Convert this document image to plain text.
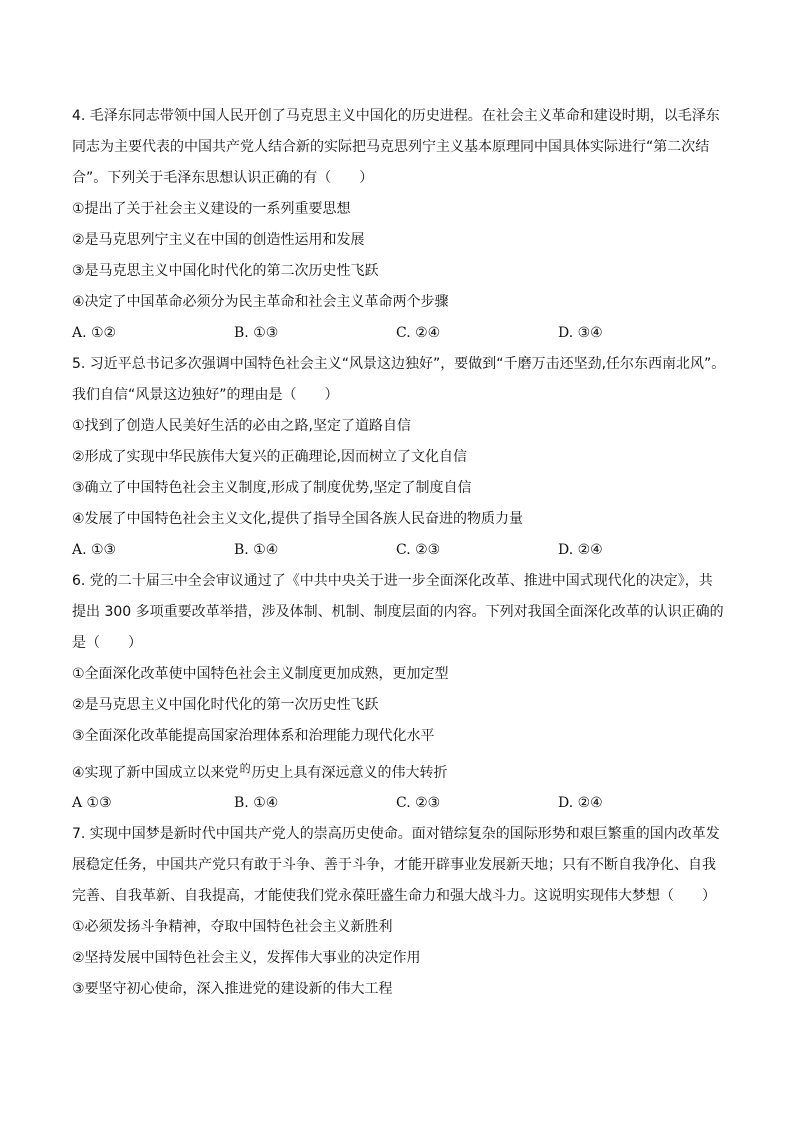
4. 毛泽东同志带领中国人民开创了马克思主义中国化的历史进程。在社会主义革命和建设时期，以毛泽东
同志为主要代表的中国共产党人结合新的实际把马克思列宁主义基本原理同中国具体实际进行“第二次结
合”。下列关于毛泽东思想认识正确的有（　　）
①提出了关于社会主义建设的一系列重要思想
②是马克思列宁主义在中国的创造性运用和发展
③是马克思主义中国化时代化的第二次历史性飞跃
④决定了中国革命必须分为民主革命和社会主义革命两个步骤
A. ①②	B. ①③	C. ②④	D. ③④
5. 习近平总书记多次强调中国特色社会主义“风景这边独好”，要做到“千磨万击还坚劲,任尔东西南北风”。
我们自信“风景这边独好”的理由是（　　）
①找到了创造人民美好生活的必由之路,坚定了道路自信
②形成了实现中华民族伟大复兴的正确理论,因而树立了文化自信
③确立了中国特色社会主义制度,形成了制度优势,坚定了制度自信
④发展了中国特色社会主义文化,提供了指导全国各族人民奋进的物质力量
A. ①③	B. ①④	C. ②③	D. ②④
6. 党的二十届三中全会审议通过了《中共中央关于进一步全面深化改革、推进中国式现代化的决定》，共
提出 300 多项重要改革举措，涉及体制、机制、制度层面的内容。下列对我国全面深化改革的认识正确的
是（　　）
①全面深化改革使中国特色社会主义制度更加成熟，更加定型
②是马克思主义中国化时代化的第一次历史性飞跃
③全面深化改革能提高国家治理体系和治理能力现代化水平
④实现了新中国成立以来党$^的$历史上具有深远意义的伟大转折
A ①③	B. ①④	C. ②③	D. ②④
7. 实现中国梦是新时代中国共产党人的崇高历史使命。面对错综复杂的国际形势和艰巨繁重的国内改革发
展稳定任务，中国共产党只有敢于斗争、善于斗争，才能开辟事业发展新天地；只有不断自我净化、自我
完善、自我革新、自我提高，才能使我们党永葆旺盛生命力和强大战斗力。这说明实现伟大梦想（　　）
①必须发扬斗争精神，夺取中国特色社会主义新胜利
②坚持发展中国特色社会主义，发挥伟大事业的决定作用
③要坚守初心使命，深入推进党的建设新的伟大工程
